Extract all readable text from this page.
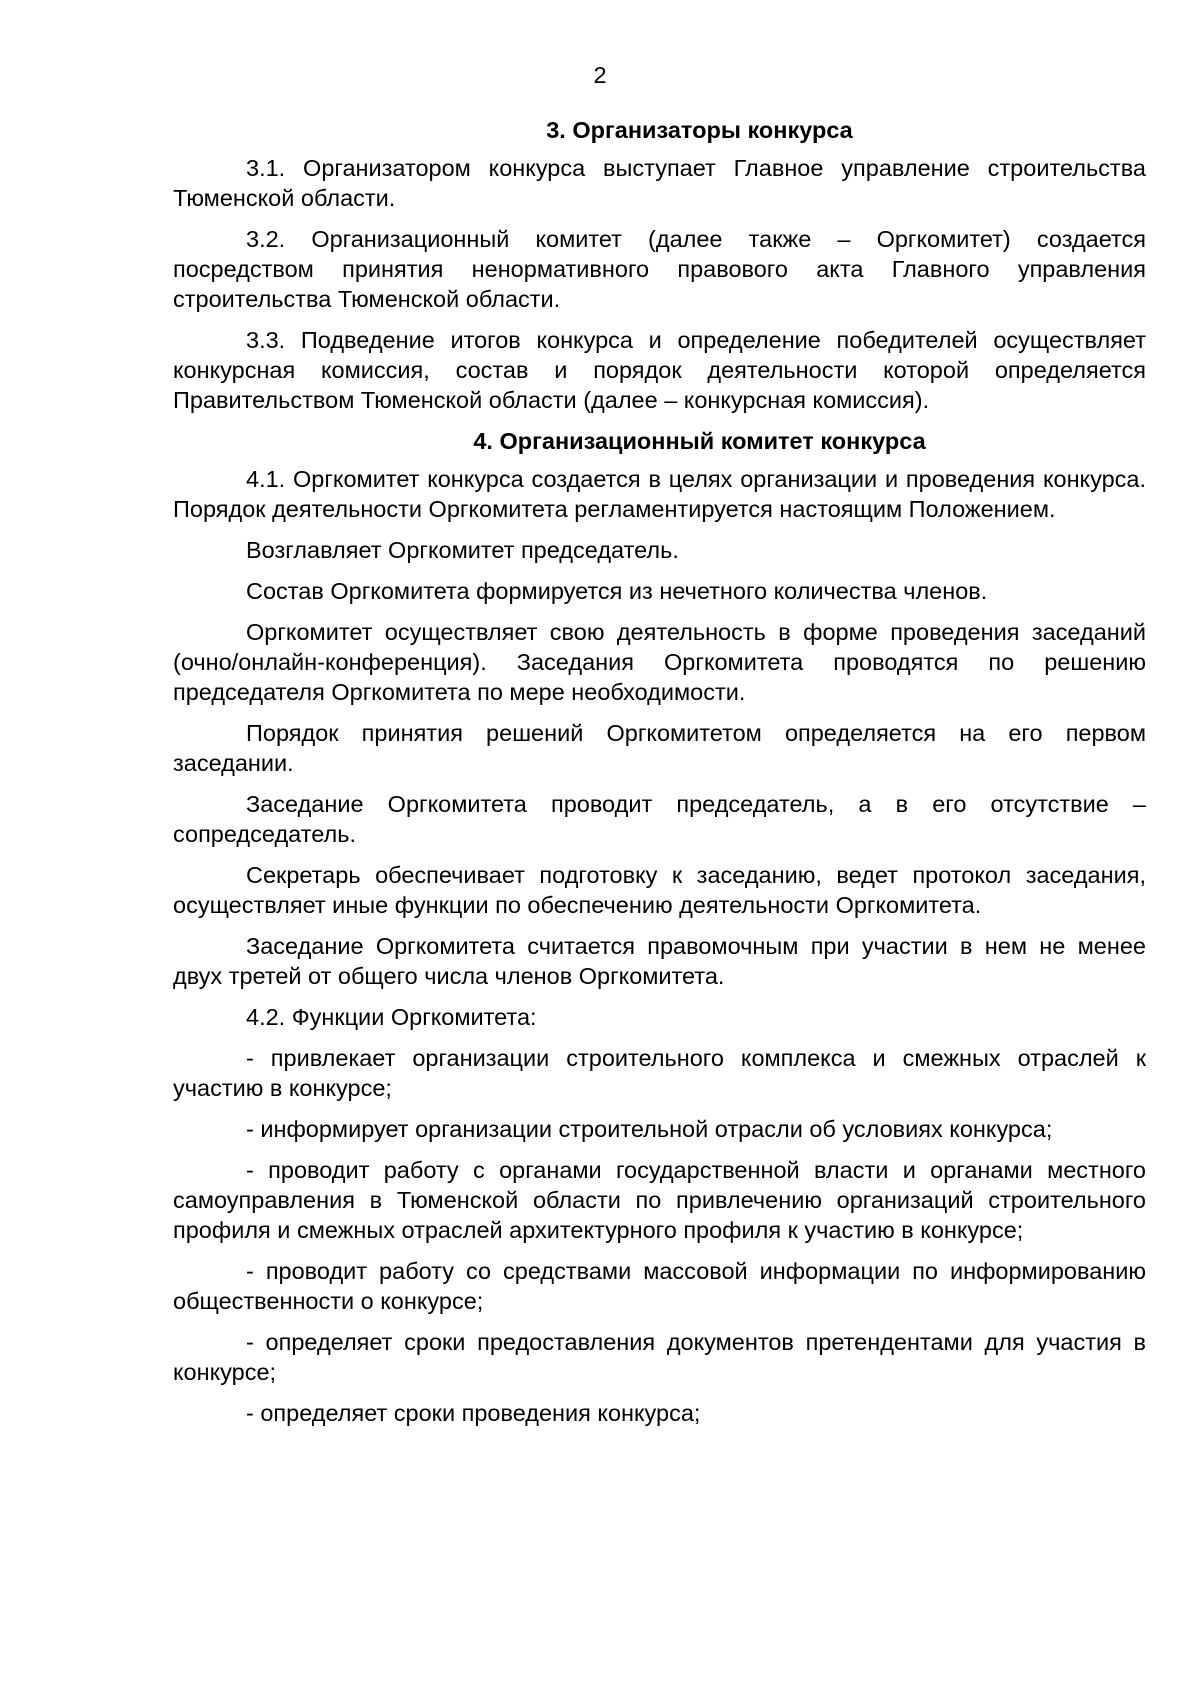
2
3. Организаторы конкурса

3.1. Организатором конкурса выступает Главное управление строительства Тюменской области.

3.2. Организационный комитет (далее также – Оргкомитет) создается посредством принятия ненормативного правового акта Главного управления строительства Тюменской области.

3.3. Подведение итогов конкурса и определение победителей осуществляет конкурсная комиссия, состав и порядок деятельности которой определяется Правительством Тюменской области (далее – конкурсная комиссия).

4. Организационный комитет конкурса

4.1. Оргкомитет конкурса создается в целях организации и проведения конкурса. Порядок деятельности Оргкомитета регламентируется настоящим Положением.

Возглавляет Оргкомитет председатель.

Состав Оргкомитета формируется из нечетного количества членов.

Оргкомитет осуществляет свою деятельность в форме проведения заседаний (очно/онлайн-конференция). Заседания Оргкомитета проводятся по решению председателя Оргкомитета по мере необходимости.

Порядок принятия решений Оргкомитетом определяется на его первом заседании.

Заседание Оргкомитета проводит председатель, а в его отсутствие – сопредседатель.

Секретарь обеспечивает подготовку к заседанию, ведет протокол заседания, осуществляет иные функции по обеспечению деятельности Оргкомитета.

Заседание Оргкомитета считается правомочным при участии в нем не менее двух третей от общего числа членов Оргкомитета.

4.2. Функции Оргкомитета:

- привлекает организации строительного комплекса и смежных отраслей к участию в конкурсе;

- информирует организации строительной отрасли об условиях конкурса;

- проводит работу с органами государственной власти и органами местного самоуправления в Тюменской области по привлечению организаций строительного профиля и смежных отраслей архитектурного профиля к участию в конкурсе;

- проводит работу со средствами массовой информации по информированию общественности о конкурсе;

- определяет сроки предоставления документов претендентами для участия в конкурсе;

- определяет сроки проведения конкурса;
